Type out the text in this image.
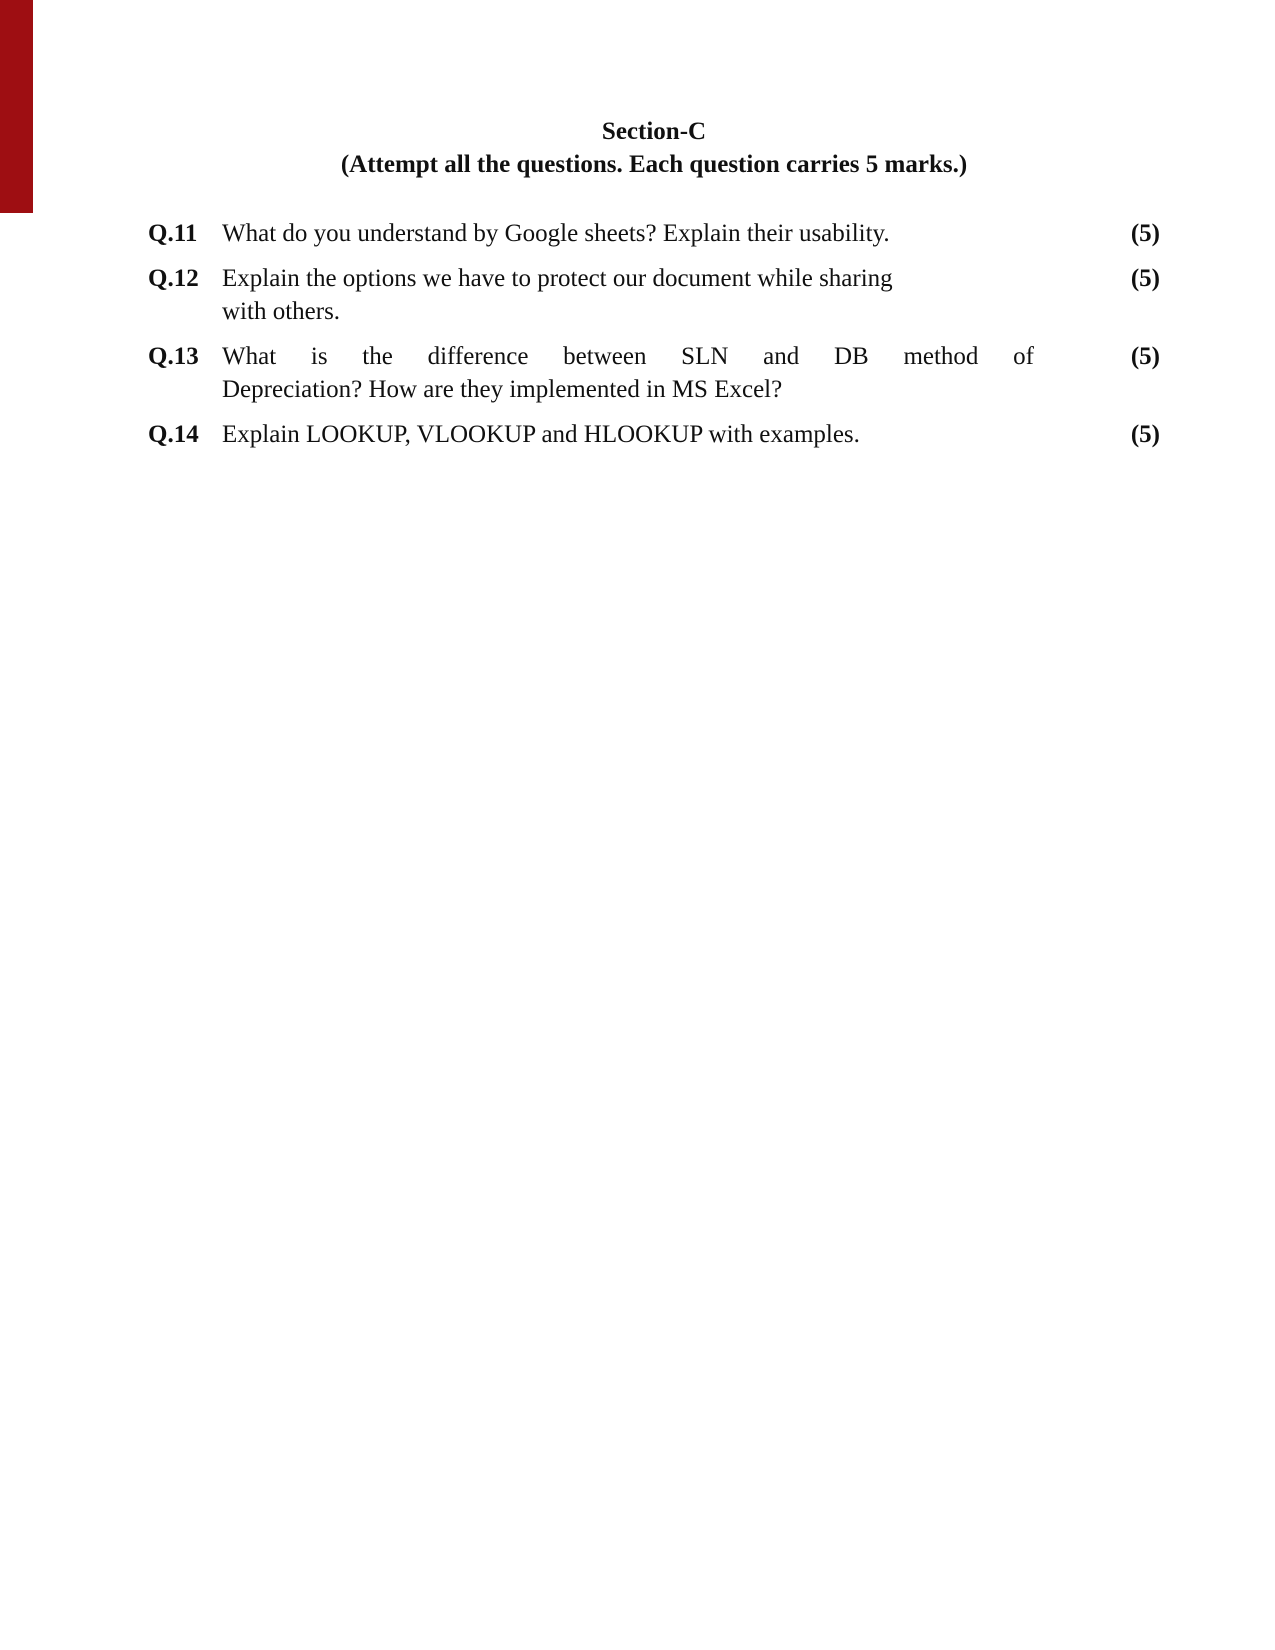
Section-C
(Attempt all the questions. Each question carries 5 marks.)
Q.11 What do you understand by Google sheets? Explain their usability.	(5)
Q.12 Explain the options we have to protect our document while sharing
with others.
(5)
Q.13 What is the difference between SLN and DB method of
Depreciation? How are they implemented in MS Excel?
(5)
Q.14 Explain LOOKUP, VLOOKUP and HLOOKUP with examples.	(5)
